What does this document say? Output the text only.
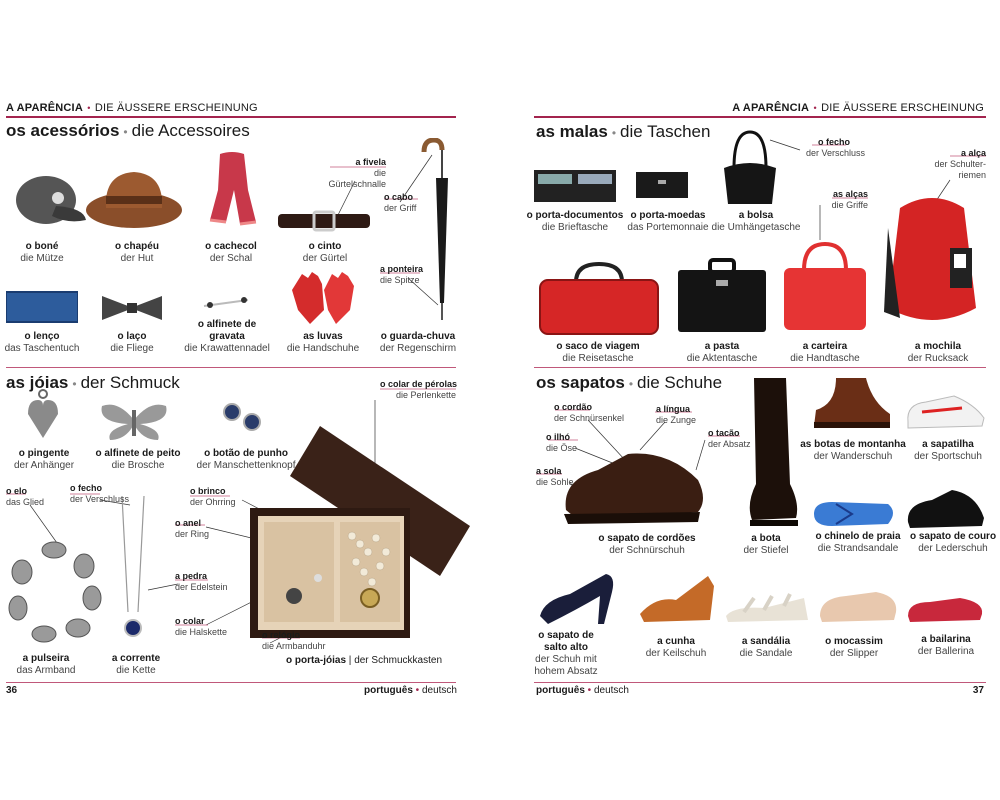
A APARÊNCIA • DIE ÄUSSERE ERSCHEINUNG	A APARÊNCIA • DIE ÄUSSERE ERSCHEINUNG
os acessórios • die Accessoires
as jóias • der Schmuck
as malas • die Taschen
os sapatos • die Schuhe
o boné
die Mütze
o chapéu
der Hut
o cachecol
der Schal
o cinto
der Gürtel
a fivela
die
Gürtelschnalle
o cabo
der Griff
a ponteira
die Spitze
o lenço
das Taschentuch
o laço
die Fliege
o alfinete de
gravata
die Krawattennadel
as luvas
die Handschuhe
o guarda-chuva
der Regenschirm
o pingente
der Anhänger
o alfinete de peito
die Brosche
o botão de punho
der Manschettenknopf
o colar de pérolas
die Perlenkette
o elo
das Glied
o fecho
der Verschluss
o brinco
der Ohrring
o anel
der Ring
a pedra
der Edelstein
o colar
die Halskette	o relógio
die Armbanduhr
o porta-jóias | der Schmuckkasten
a pulseira
das Armband
a corrente
die Kette
o porta-documentos
die Brieftasche
o porta-moedas
das Portemonnaie
a bolsa
die Umhängetasche
o fecho
der Verschluss
as alças
die Griffe
a alça
der Schulter-
riemen
o saco de viagem
die Reisetasche
a pasta
die Aktentasche
a carteira
die Handtasche
a mochila
der Rucksack
o cordão
der Schnürsenkel
a língua
die Zunge
o ilhó
die Öse
o tacão
der Absatz
a sola
die Sohle
as botas de montanha
der Wanderschuh
a sapatilha
der Sportschuh
o sapato de cordões
der Schnürschuh
a bota
der Stiefel
o chinelo de praia
die Strandsandale
o sapato de couro
der Lederschuh
o sapato de
salto alto
der Schuh mit
hohem Absatz
a cunha
der Keilschuh
a sandália
die Sandale
o mocassim
der Slipper
a bailarina
der Ballerina
36	português • deutsch	português • deutsch	37
